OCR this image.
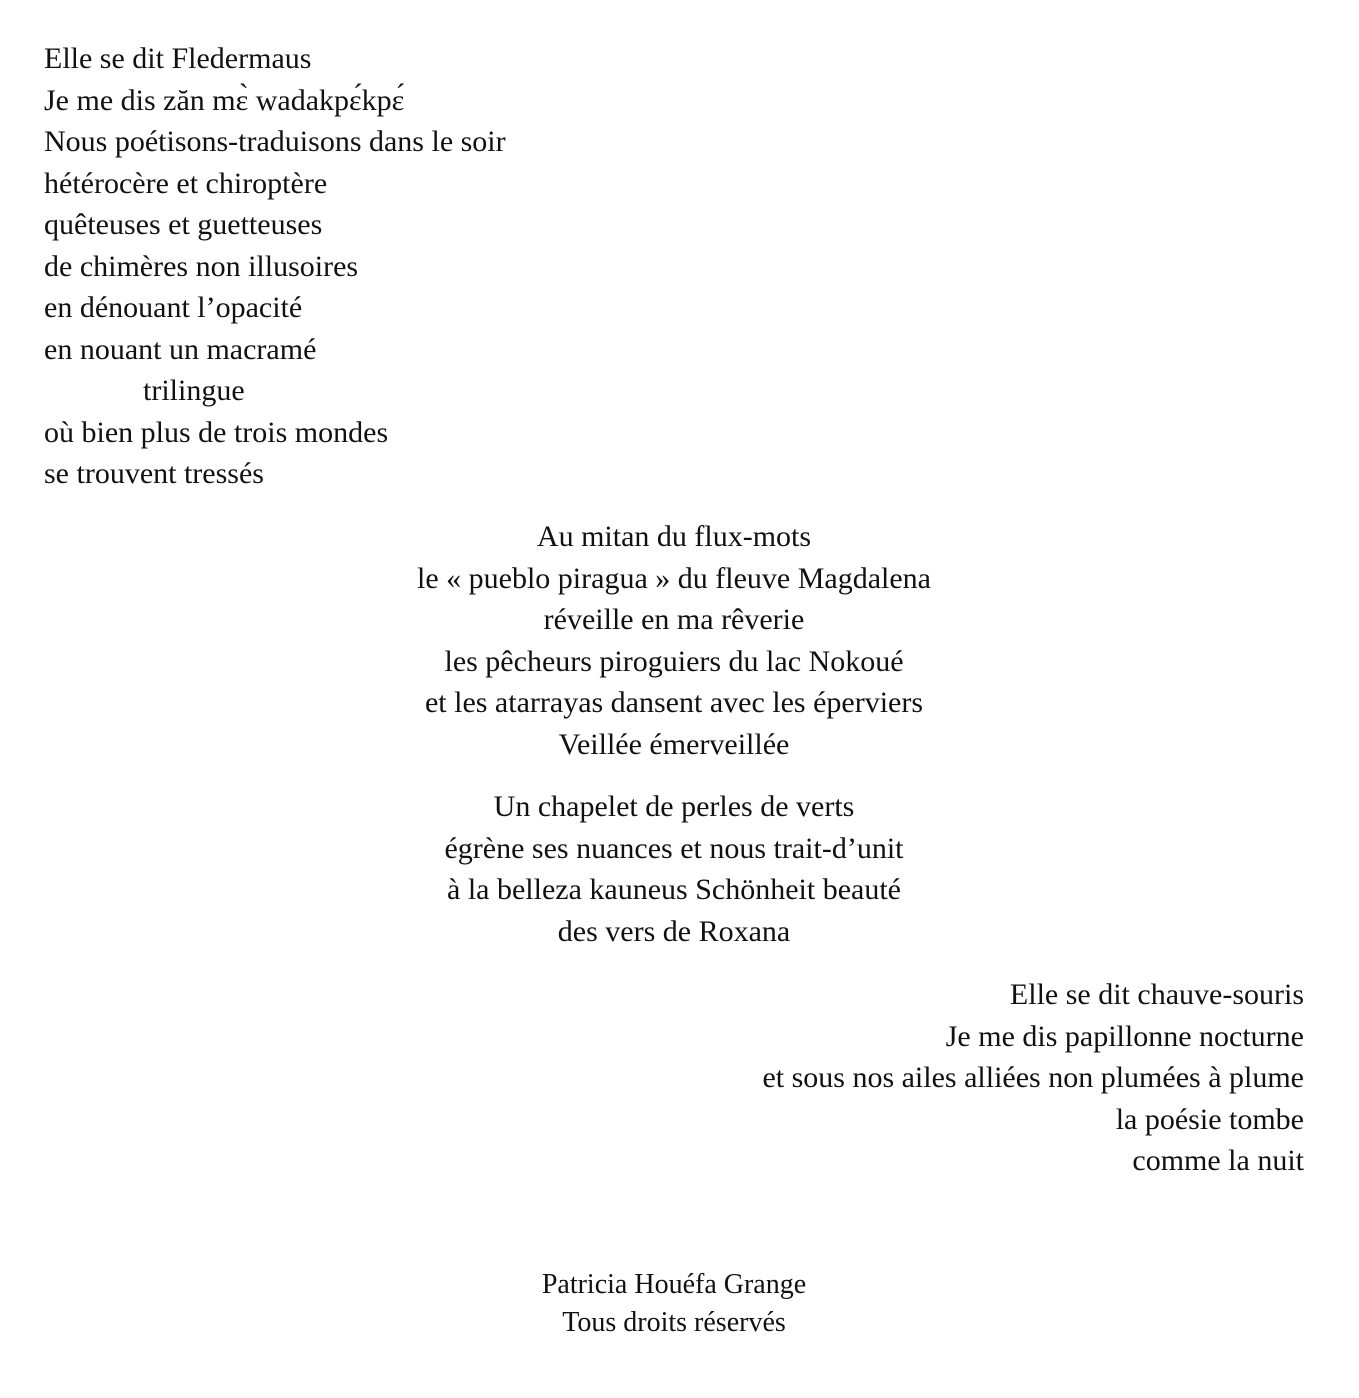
Elle se dit Fledermaus
Je me dis zăn mɛ̀ wadakpɛ́kpɛ́
Nous poétisons-traduisons dans le soir
hétérocère et chiroptère
quêteuses et guetteuses
de chimères non illusoires
en dénouant l’opacité
en nouant un macramé
trilingue
où bien plus de trois mondes
se trouvent tressés
Au mitan du flux-mots
le « pueblo piragua » du fleuve Magdalena
réveille en ma rêverie
les pêcheurs piroguiers du lac Nokoué
et les atarrayas dansent avec les éperviers
Veillée émerveillée
Un chapelet de perles de verts
égrène ses nuances et nous trait-d’unit
à la belleza kauneus Schönheit beauté
des vers de Roxana
Elle se dit chauve-souris
Je me dis papillonne nocturne
et sous nos ailes alliées non plumées à plume
la poésie tombe
comme la nuit
Patricia Houéfa Grange
Tous droits réservés
